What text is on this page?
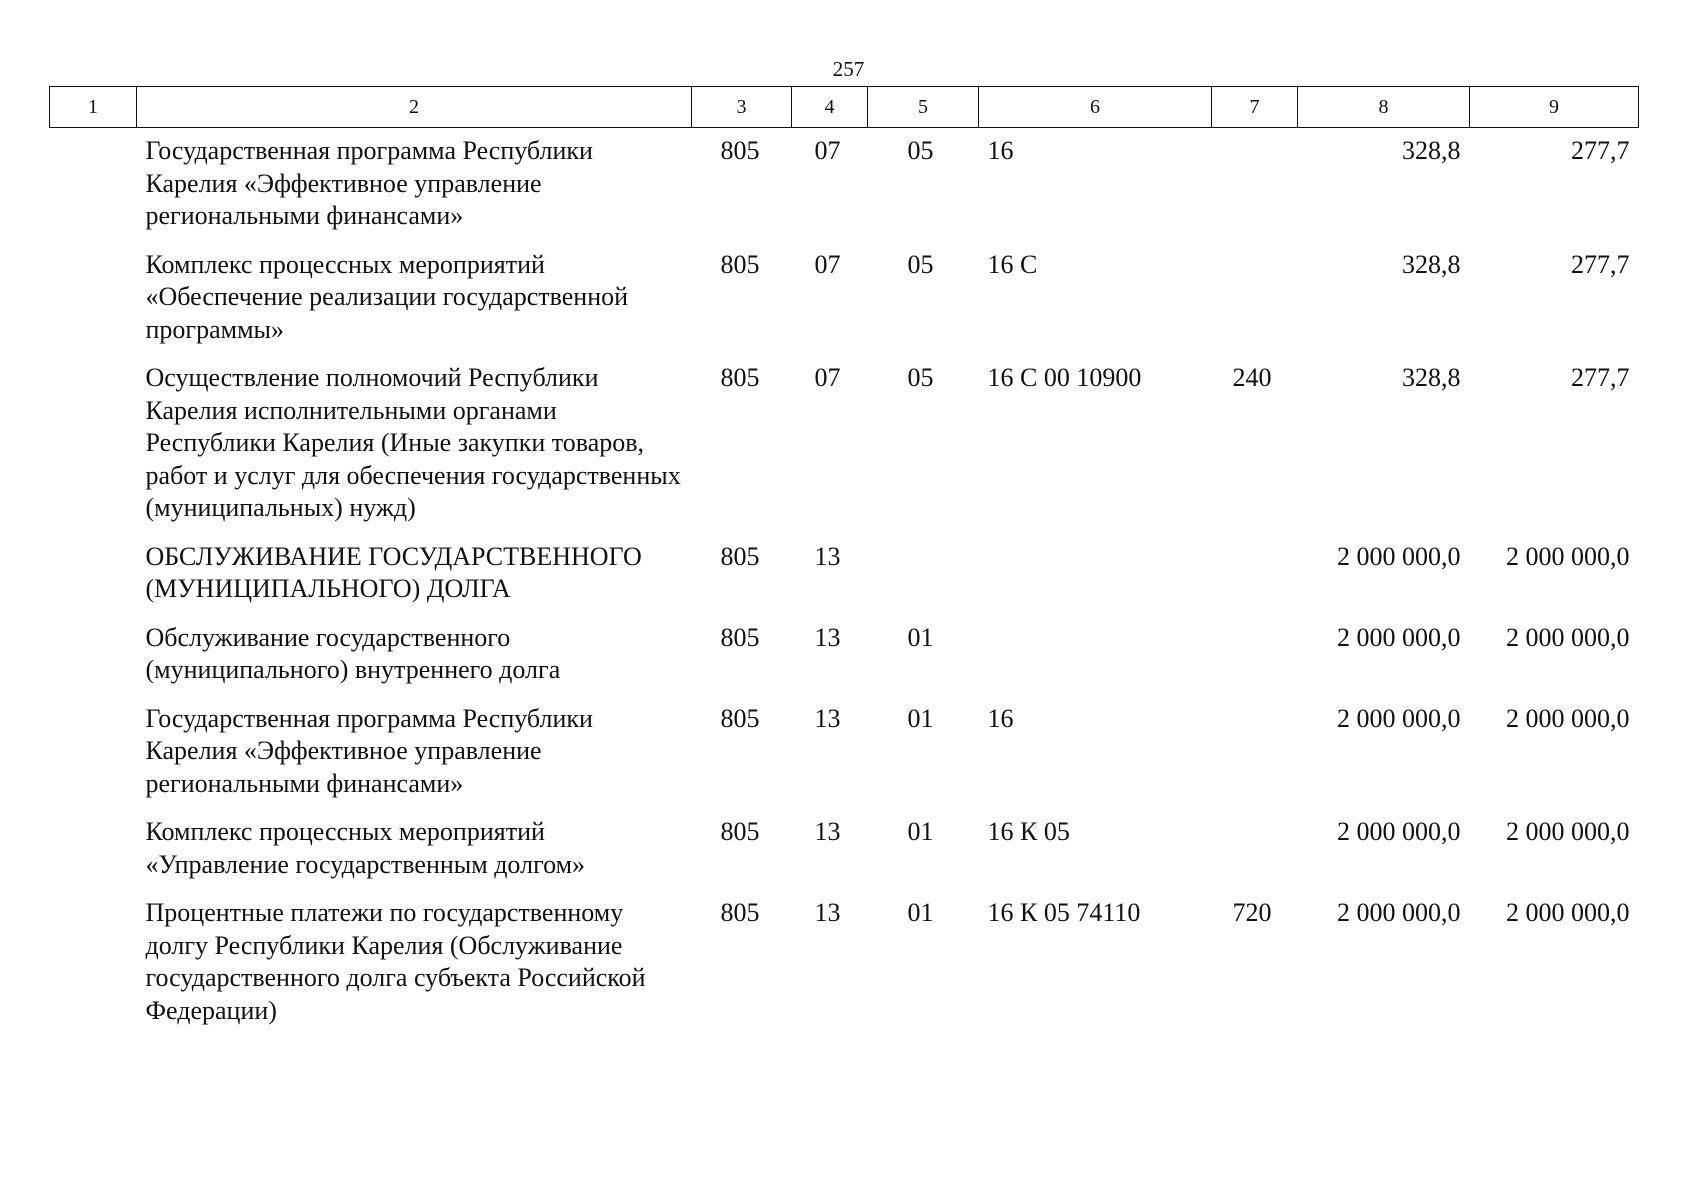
257
1	2	3	4	5	6	7	8	9
	Государственная программа Республики Карелия «Эффективное управление региональными финансами»	805	07	05	16		328,8	277,7
	Комплекс процессных мероприятий «Обеспечение реализации государственной программы»	805	07	05	16 С		328,8	277,7
	Осуществление полномочий Республики Карелия исполнительными органами Республики Карелия (Иные закупки товаров, работ и услуг для обеспечения государственных (муниципальных) нужд)	805	07	05	16 С 00 10900	240	328,8	277,7
	ОБСЛУЖИВАНИЕ ГОСУДАРСТВЕННОГО (МУНИЦИПАЛЬНОГО) ДОЛГА	805	13				2 000 000,0	2 000 000,0
	Обслуживание государственного (муниципального) внутреннего долга	805	13	01			2 000 000,0	2 000 000,0
	Государственная программа Республики Карелия «Эффективное управление региональными финансами»	805	13	01	16		2 000 000,0	2 000 000,0
	Комплекс процессных мероприятий «Управление государственным долгом»	805	13	01	16 К 05		2 000 000,0	2 000 000,0
	Процентные платежи по государственному долгу Республики Карелия (Обслуживание государственного долга субъекта Российской Федерации)	805	13	01	16 К 05 74110	720	2 000 000,0	2 000 000,0
